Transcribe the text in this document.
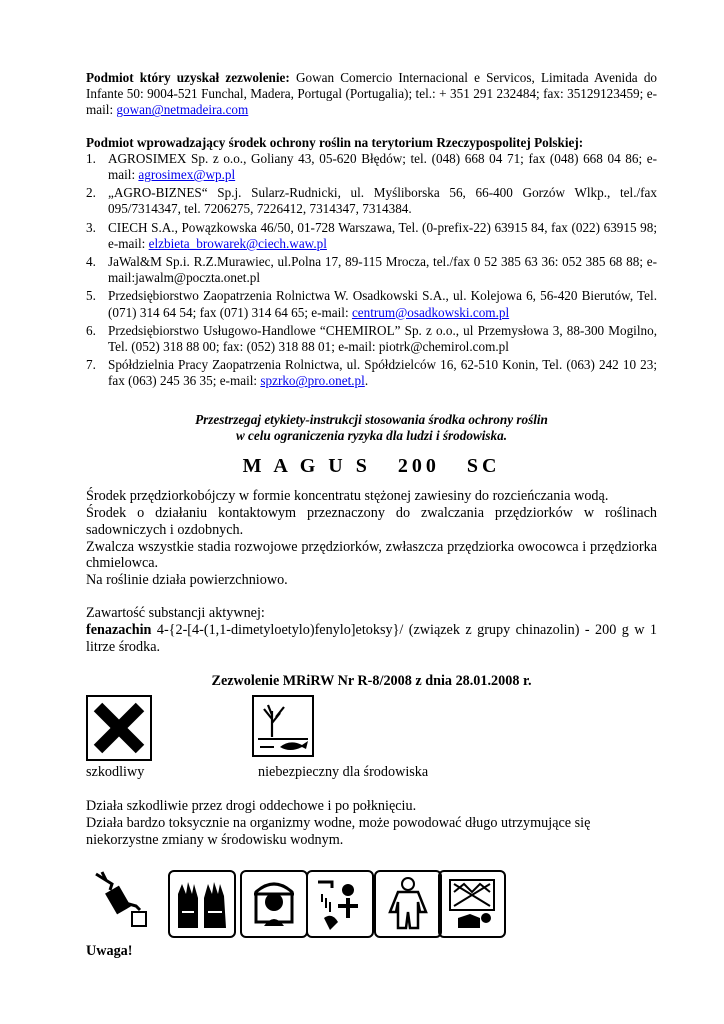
Podmiot który uzyskał zezwolenie: Gowan Comercio Internacional e Servicos, Limitada Avenida do Infante 50: 9004-521 Funchal, Madera, Portugal (Portugalia); tel.: + 351 291 232484; fax: 35129123459; e-mail: gowan@netmadeira.com

Podmiot wprowadzający środek ochrony roślin na terytorium Rzeczypospolitej Polskiej:

1. AGROSIMEX Sp. z o.o., Goliany 43, 05-620 Błędów; tel. (048) 668 04 71; fax (048) 668 04 86; e-mail: agrosimex@wp.pl
2. „AGRO-BIZNES“ Sp.j. Sularz-Rudnicki, ul. Myśliborska 56, 66-400 Gorzów Wlkp., tel./fax 095/7314347, tel. 7206275, 7226412, 7314347, 7314384.
3. CIECH S.A., Powązkowska 46/50, 01-728 Warszawa, Tel. (0-prefix-22) 63915 84, fax (022) 63915 98; e-mail: elzbieta_browarek@ciech.waw.pl
4. JaWal&M Sp.i. R.Z.Murawiec, ul.Polna 17, 89-115 Mrocza, tel./fax 0 52 385 63 36: 052 385 68 88; e-mail:jawalm@poczta.onet.pl
5. Przedsiębiorstwo Zaopatrzenia Rolnictwa W. Osadkowski S.A., ul. Kolejowa 6, 56-420 Bierutów, Tel. (071) 314 64 54; fax (071) 314 64 65; e-mail: centrum@osadkowski.com.pl
6. Przedsiębiorstwo Usługowo-Handlowe “CHEMIROL” Sp. z o.o., ul Przemysłowa 3, 88-300 Mogilno, Tel. (052) 318 88 00; fax: (052) 318 88 01; e-mail: piotrk@chemirol.com.pl
7. Spółdzielnia Pracy Zaopatrzenia Rolnictwa, ul. Spółdzielców 16, 62-510 Konin, Tel. (063) 242 10 23; fax (063) 245 36 35; e-mail: spzrko@pro.onet.pl.
Przestrzegaj etykiety-instrukcji stosowania środka ochrony roślin
w celu ograniczenia ryzyka dla ludzi i środowiska.
M A G U S   200   SC

Środek przędziorkobójczy w formie koncentratu stężonej zawiesiny do rozcieńczania wodą.

Środek o działaniu kontaktowym przeznaczony do zwalczania przędziorków w roślinach sadowniczych i ozdobnych.

Zwalcza wszystkie stadia rozwojowe przędziorków, zwłaszcza przędziorka owocowca i przędziorka chmielowca.

Na roślinie działa powierzchniowo.

Zawartość substancji aktywnej:

fenazachin 4-{2-[4-(1,1-dimetyloetylo)fenylo]etoksy}/ (związek z grupy chinazolin) - 200 g w 1 litrze środka.

Zezwolenie MRiRW Nr R-8/2008 z dnia 28.01.2008 r.
szkodliwy	niebezpieczny dla środowiska
Działa szkodliwie przez drogi oddechowe i po połknięciu.
Działa bardzo toksycznie na organizmy wodne, może powodować długo utrzymujące się niekorzystne zmiany w środowisku wodnym.
Uwaga!
